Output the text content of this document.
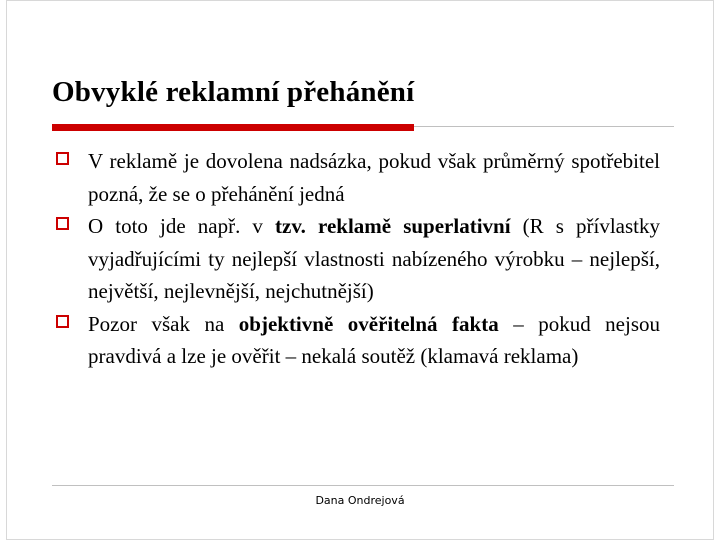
Obvyklé reklamní přehánění
V reklamě je dovolena nadsázka, pokud však průměrný spotřebitel pozná, že se o přehánění jedná
O toto jde např. v tzv. reklamě superlativní (R s přívlastky vyjadřujícími ty nejlepší vlastnosti nabízeného výrobku – nejlepší, největší, nejlevnější, nejchutnější)
Pozor však na objektivně ověřitelná fakta – pokud nejsou pravdivá a lze je ověřit – nekalá soutěž (klamavá reklama)
Dana Ondrejová
